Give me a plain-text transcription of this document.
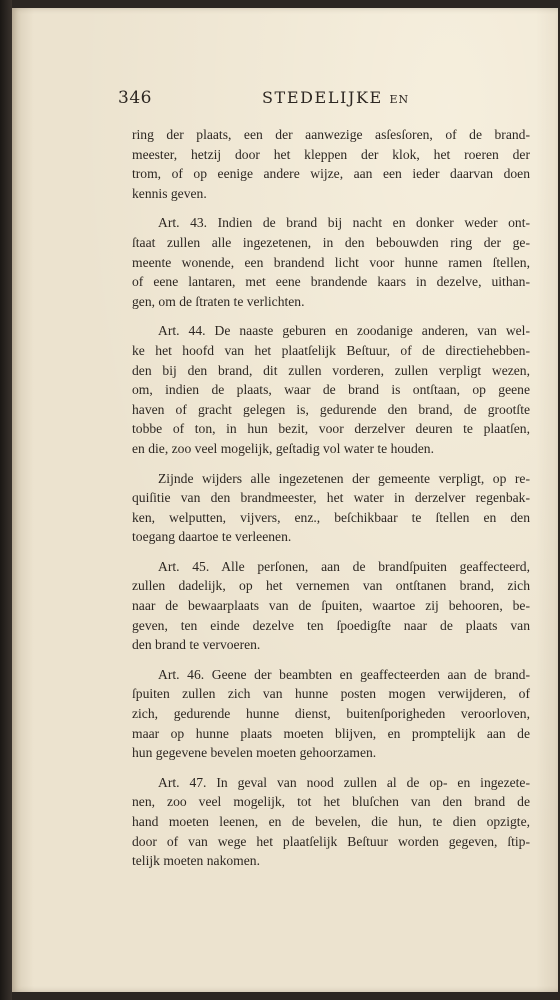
346	STEDELIJKE EN
ring der plaats, een der aanwezige asſesſoren, of de brand-
meester, hetzij door het kleppen der klok, het roeren der
trom, of op eenige andere wijze, aan een ieder daarvan doen
kennis geven.
Art. 43. Indien de brand bij nacht en donker weder ont-
ſtaat zullen alle ingezetenen, in den bebouwden ring der ge-
meente wonende, een brandend licht voor hunne ramen ſtellen,
of eene lantaren, met eene brandende kaars in dezelve, uithan-
gen, om de ſtraten te verlichten.
Art. 44. De naaste geburen en zoodanige anderen, van wel-
ke het hoofd van het plaatſelijk Beſtuur, of de directiehebben-
den bij den brand, dit zullen vorderen, zullen verpligt wezen,
om, indien de plaats, waar de brand is ontſtaan, op geene
haven of gracht gelegen is, gedurende den brand, de grootſte
tobbe of ton, in hun bezit, voor derzelver deuren te plaatſen,
en die, zoo veel mogelijk, geſtadig vol water te houden.
Zijnde wijders alle ingezetenen der gemeente verpligt, op re-
quiſitie van den brandmeester, het water in derzelver regenbak-
ken, welputten, vijvers, enz., beſchikbaar te ſtellen en den
toegang daartoe te verleenen.
Art. 45. Alle perſonen, aan de brandſpuiten geaffecteerd,
zullen dadelijk, op het vernemen van ontſtanen brand, zich
naar de bewaarplaats van de ſpuiten, waartoe zij behooren, be-
geven, ten einde dezelve ten ſpoedigſte naar de plaats van
den brand te vervoeren.
Art. 46. Geene der beambten en geaffecteerden aan de brand-
ſpuiten zullen zich van hunne posten mogen verwijderen, of
zich, gedurende hunne dienst, buitenſporigheden veroorloven,
maar op hunne plaats moeten blijven, en promptelijk aan de
hun gegevene bevelen moeten gehoorzamen.
Art. 47. In geval van nood zullen al de op- en ingezete-
nen, zoo veel mogelijk, tot het bluſchen van den brand de
hand moeten leenen, en de bevelen, die hun, te dien opzigte,
door of van wege het plaatſelijk Beſtuur worden gegeven, ſtip-
telijk moeten nakomen.
